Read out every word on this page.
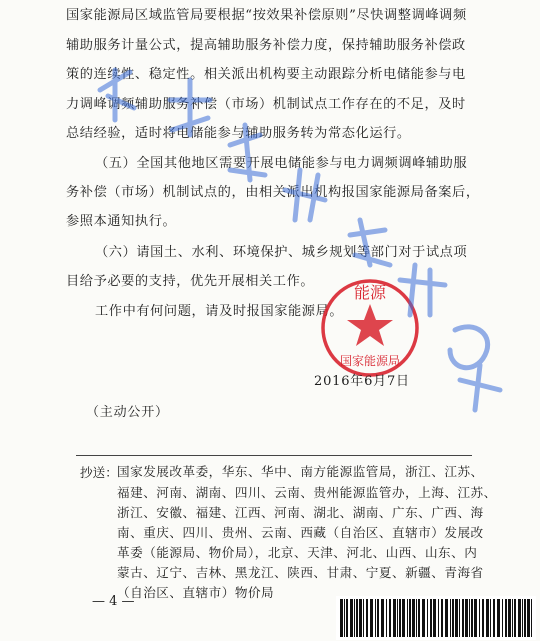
国家能源局区域监管局要根据“按效果补偿原则”尽快调整调峰调频
辅助服务计量公式，提高辅助服务补偿力度，保持辅助服务补偿政
策的连续性、稳定性。相关派出机构要主动跟踪分析电储能参与电
力调峰调频辅助服务补偿（市场）机制试点工作存在的不足，及时
总结经验，适时将电储能参与辅助服务转为常态化运行。
（五）全国其他地区需要开展电储能参与电力调频调峰辅助服
务补偿（市场）机制试点的，由相关派出机构报国家能源局备案后，
参照本通知执行。
（六）请国土、水利、环境保护、城乡规划等部门对于试点项
目给予必要的支持，优先开展相关工作。
工作中有何问题，请及时报国家能源局。
能源
国家能源局
2016年6月7日
（主动公开）
抄送： 国家发展改革委，华东、华中、南方能源监管局，浙江、江苏、
福建、河南、湖南、四川、云南、贵州能源监管办，上海、江苏、
浙江、安徽、福建、江西、河南、湖北、湖南、广东、广西、海
南、重庆、四川、贵州、云南、西藏（自治区、直辖市）发展改
革委（能源局、物价局），北京、天津、河北、山西、山东、内
蒙古、辽宁、吉林、黑龙江、陕西、甘肃、宁夏、新疆、青海省
（自治区、直辖市）物价局
— 4 —
